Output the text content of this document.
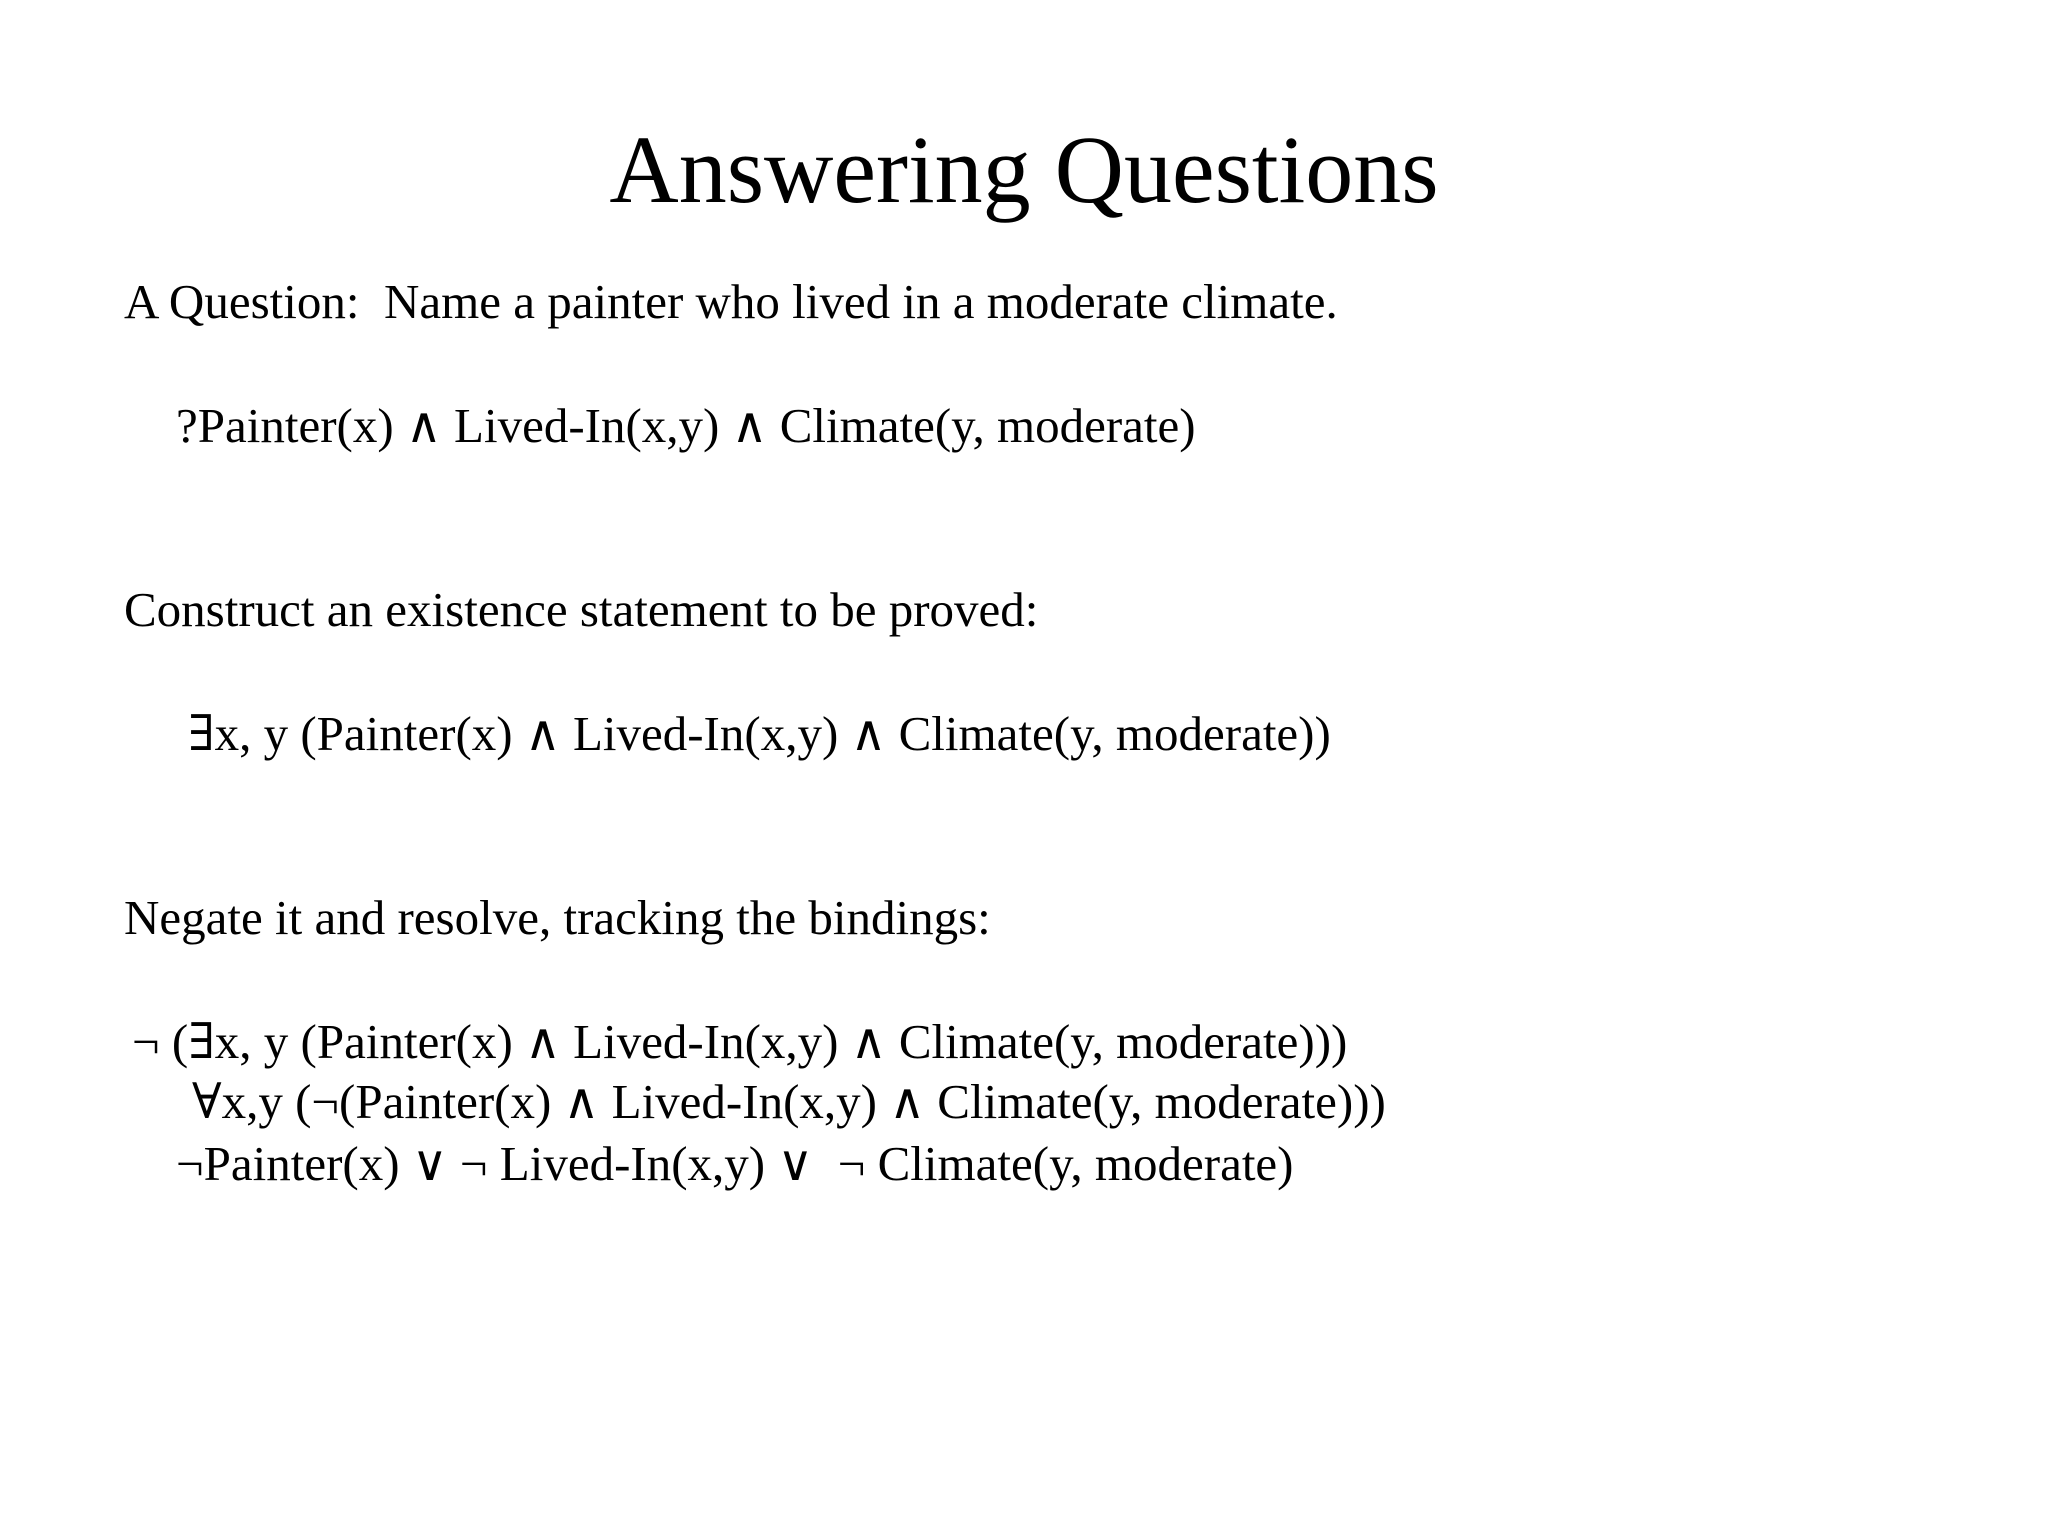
Answering Questions
A Question:  Name a painter who lived in a moderate climate.
?Painter(x) ∧ Lived-In(x,y) ∧ Climate(y, moderate)
Construct an existence statement to be proved:
∃x, y (Painter(x) ∧ Lived-In(x,y) ∧ Climate(y, moderate))
Negate it and resolve, tracking the bindings:
¬ (∃x, y (Painter(x) ∧ Lived-In(x,y) ∧ Climate(y, moderate)))
∀x,y (¬(Painter(x) ∧ Lived-In(x,y) ∧ Climate(y, moderate)))
¬Painter(x) ∨ ¬ Lived-In(x,y) ∨  ¬ Climate(y, moderate)
